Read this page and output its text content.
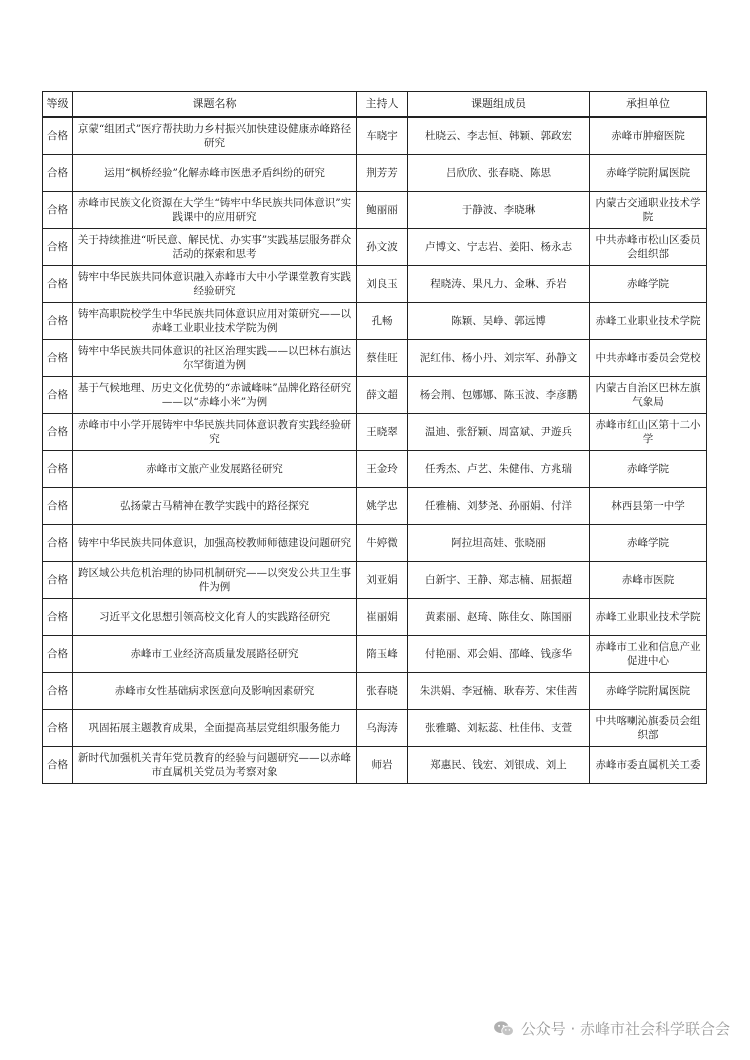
等级	课题名称	主持人	课题组成员	承担单位
合格	京蒙“组团式”医疗帮扶助力乡村振兴加快建设健康赤峰路径研究	车晓宇	杜晓云、李志恒、韩颖、郭政宏	赤峰市肿瘤医院
合格	运用“枫桥经验”化解赤峰市医患矛盾纠纷的研究	荆芳芳	吕欣欣、张春晓、陈思	赤峰学院附属医院
合格	赤峰市民族文化资源在大学生“铸牢中华民族共同体意识”实践课中的应用研究	鲍丽丽	于静波、李晓琳	内蒙古交通职业技术学院
合格	关于持续推进“听民意、解民忧、办实事”实践基层服务群众活动的探索和思考	孙文波	卢博文、宁志岩、姜阳、杨永志	中共赤峰市松山区委员会组织部
合格	铸牢中华民族共同体意识融入赤峰市大中小学课堂教育实践经验研究	刘良玉	程晓涛、果凡力、金琳、乔岩	赤峰学院
合格	铸牢高职院校学生中华民族共同体意识应用对策研究——以赤峰工业职业技术学院为例	孔畅	陈颖、吴峥、郭远博	赤峰工业职业技术学院
合格	铸牢中华民族共同体意识的社区治理实践——以巴林右旗达尔罕街道为例	蔡佳旺	泥红伟、杨小丹、刘宗军、孙静文	中共赤峰市委员会党校
合格	基于气候地理、历史文化优势的“赤诚峰味”品牌化路径研究——以“赤峰小米”为例	薛文超	杨会荆、包娜娜、陈玉波、李彦鹏	内蒙古自治区巴林左旗气象局
合格	赤峰市中小学开展铸牢中华民族共同体意识教育实践经验研究	王晓翠	温迪、张舒颖、周富斌、尹遊兵	赤峰市红山区第十二小学
合格	赤峰市文旅产业发展路径研究	王金玲	任秀杰、卢艺、朱健伟、方兆瑞	赤峰学院
合格	弘扬蒙古马精神在教学实践中的路径探究	姚学忠	任雅楠、刘梦尧、孙丽娟、付洋	林西县第一中学
合格	铸牢中华民族共同体意识，加强高校教师师德建设问题研究	牛婷微	阿拉坦高娃、张晓丽	赤峰学院
合格	跨区域公共危机治理的协同机制研究——以突发公共卫生事件为例	刘亚娟	白新宇、王静、郑志楠、屈振超	赤峰市医院
合格	习近平文化思想引领高校文化育人的实践路径研究	崔丽娟	黄素丽、赵琦、陈佳女、陈国丽	赤峰工业职业技术学院
合格	赤峰市工业经济高质量发展路径研究	隋玉峰	付艳丽、邓会娟、邵峰、钱彦华	赤峰市工业和信息产业促进中心
合格	赤峰市女性基础病求医意向及影响因素研究	张春晓	朱洪娟、李冠楠、耿春芳、宋佳茜	赤峰学院附属医院
合格	巩固拓展主题教育成果，全面提高基层党组织服务能力	乌海涛	张雅璐、刘耘蕊、杜佳伟、支萱	中共喀喇沁旗委员会组织部
合格	新时代加强机关青年党员教育的经验与问题研究——以赤峰市直属机关党员为考察对象	师岩	郑惠民、钱宏、刘银成、刘上	赤峰市委直属机关工委
公众号 · 赤峰市社会科学联合会
